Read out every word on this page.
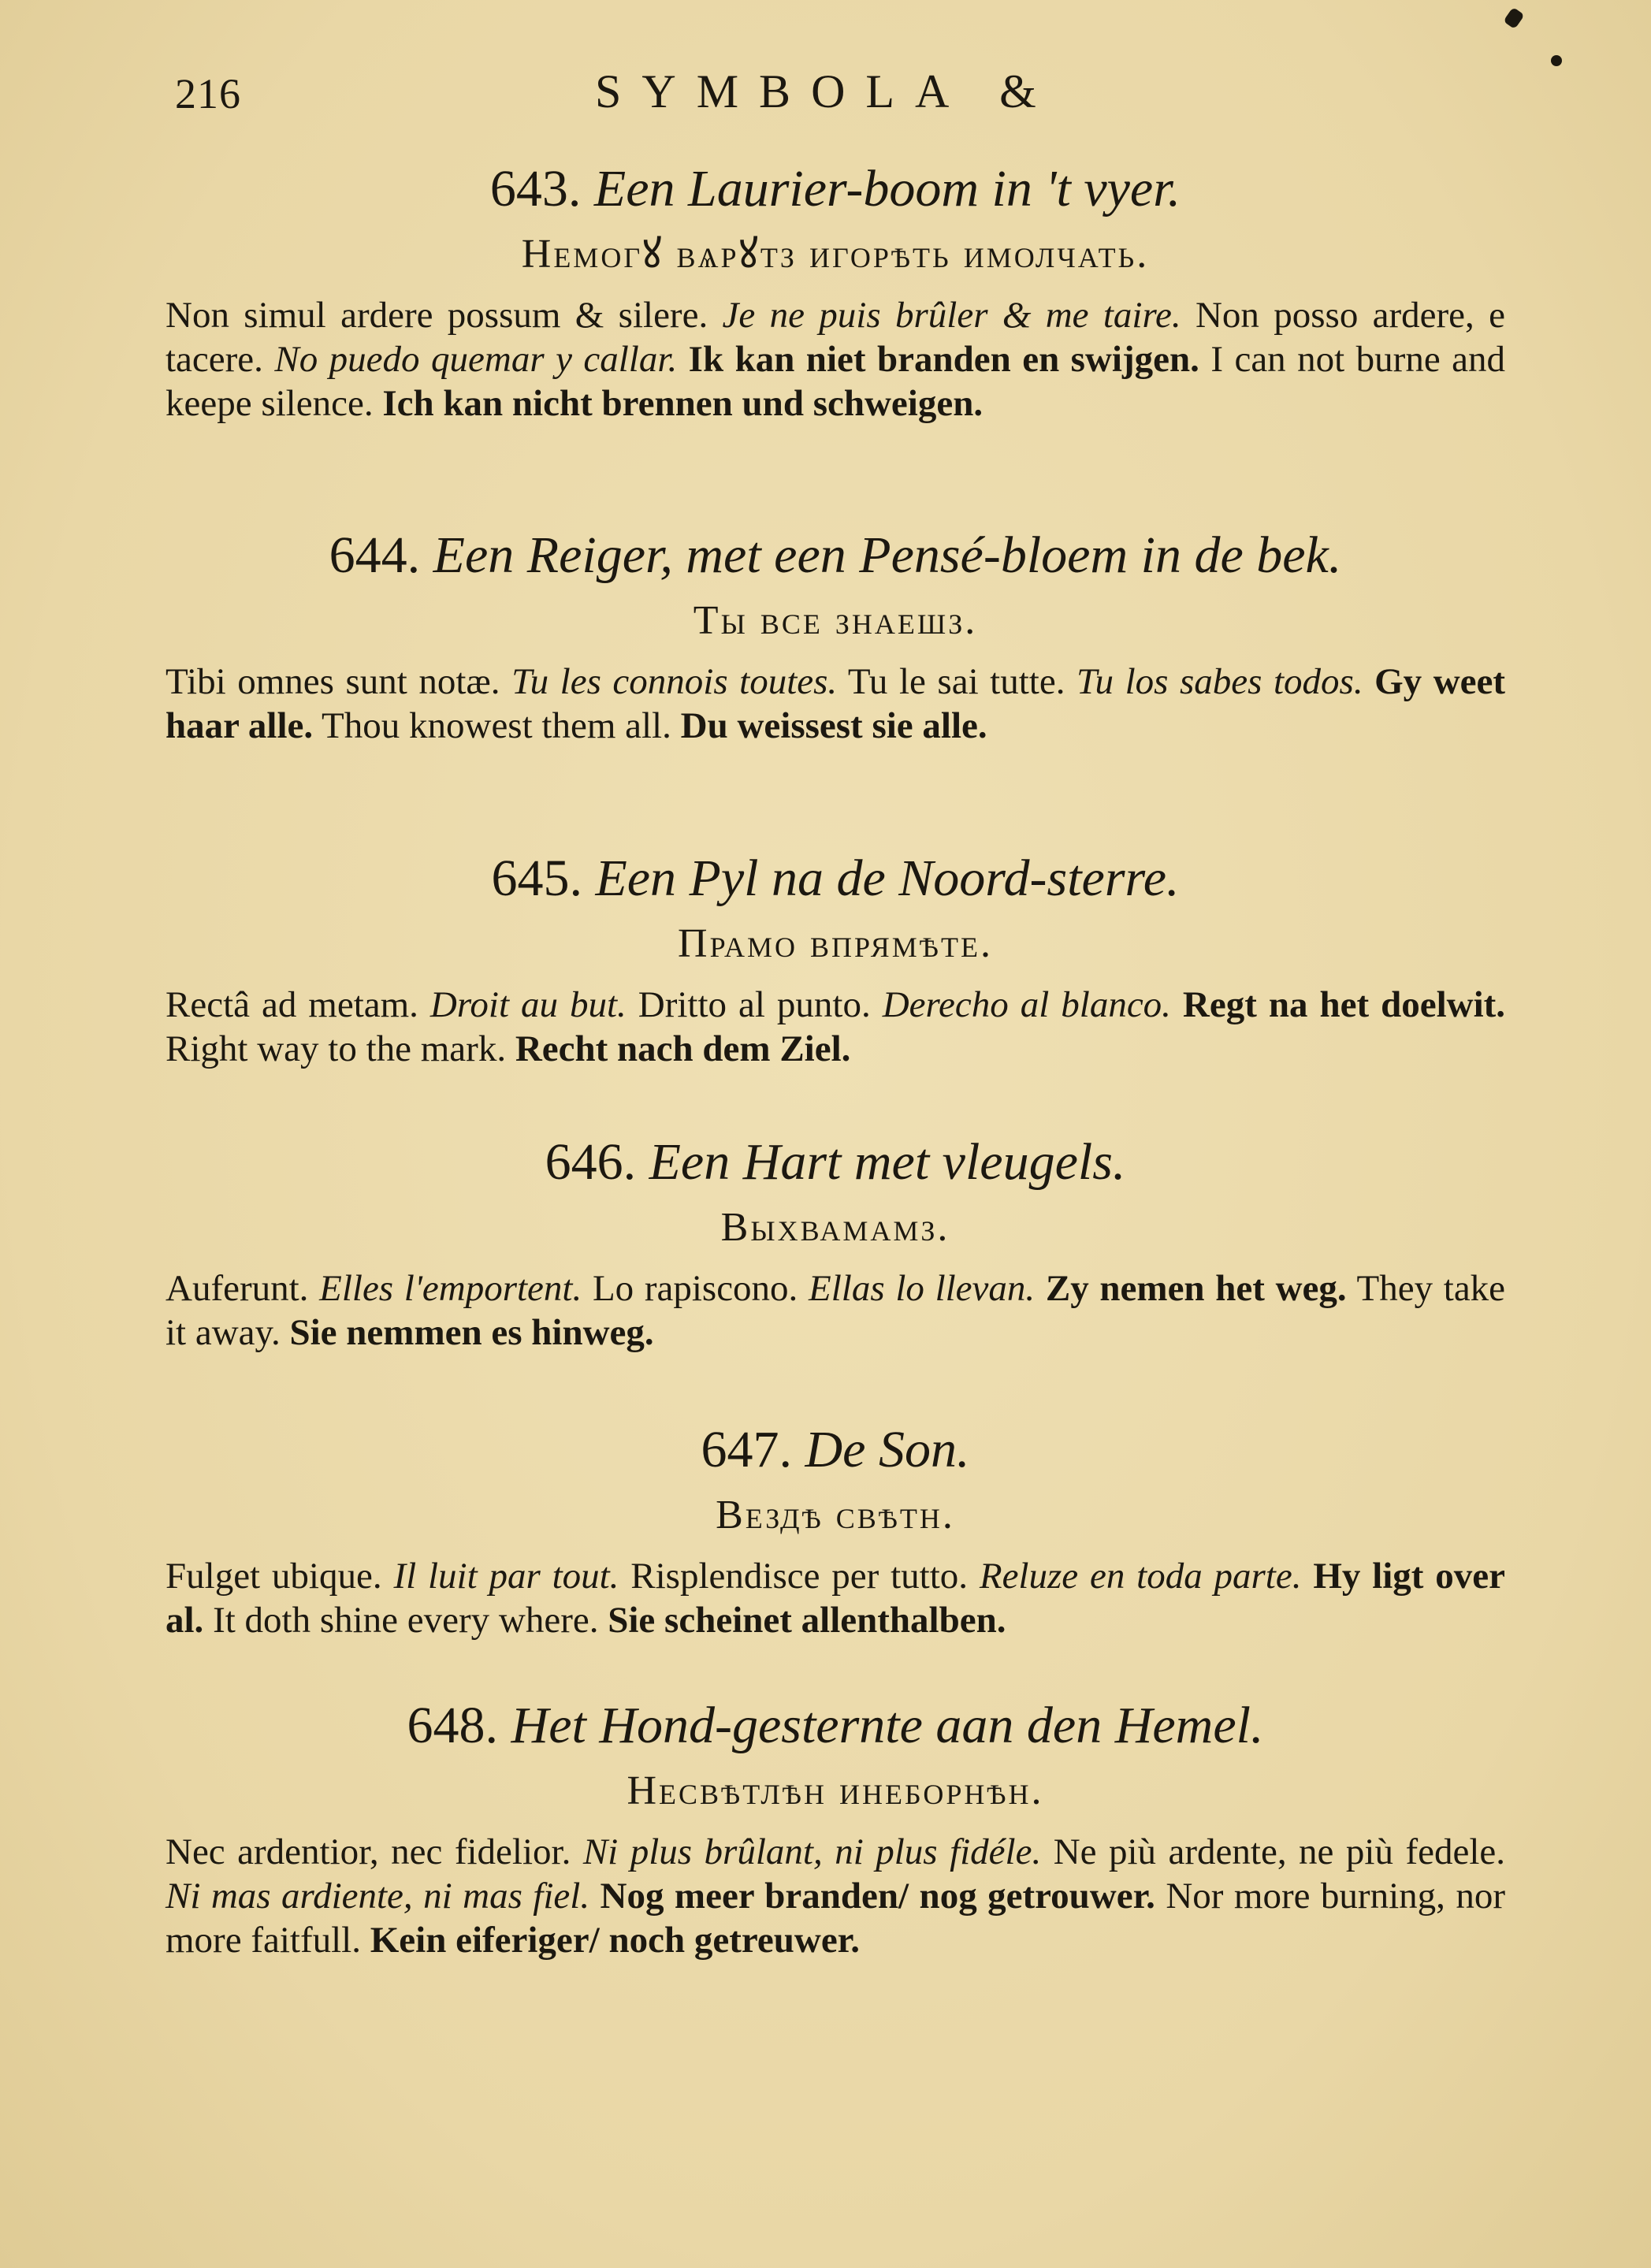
216	SYMBOLA &
643. Een Laurier-boom in 't vyer.
Немогꙋ вѧрꙋтз игорѣть имолчать.
Non simul ardere possum & silere. Je ne puis brûler & me taire. Non posso ardere, e tacere. No puedo quemar y callar. Ik kan niet branden en swijgen. I can not burne and keepe silence. Ich kan nicht brennen und schweigen.
644. Een Reiger, met een Pensé-bloem in de bek.
Ты все знаешз.
Tibi omnes sunt notæ. Tu les connois toutes. Tu le sai tutte. Tu los sabes todos. Gy weet haar alle. Thou knowest them all. Du weissest sie alle.
645. Een Pyl na de Noord-sterre.
Прамо впрямѣте.
Rectâ ad metam. Droit au but. Dritto al punto. Derecho al blanco. Regt na het doelwit. Right way to the mark. Recht nach dem Ziel.
646. Een Hart met vleugels.
Выхвамамз.
Auferunt. Elles l'emportent. Lo rapiscono. Ellas lo llevan. Zy nemen het weg. They take it away. Sie nemmen es hinweg.
647. De Son.
Вездѣ свѣтн.
Fulget ubique. Il luit par tout. Risplendisce per tutto. Reluze en toda parte. Hy ligt over al. It doth shine every where. Sie scheinet allenthalben.
648. Het Hond-gesternte aan den Hemel.
Несвѣтлѣн инеборнѣн.
Nec ardentior, nec fidelior. Ni plus brûlant, ni plus fidéle. Ne più ardente, ne più fedele. Ni mas ardiente, ni mas fiel. Nog meer branden/ nog getrouwer. Nor more burning, nor more faitfull. Kein eiferiger/ noch getreuwer.
